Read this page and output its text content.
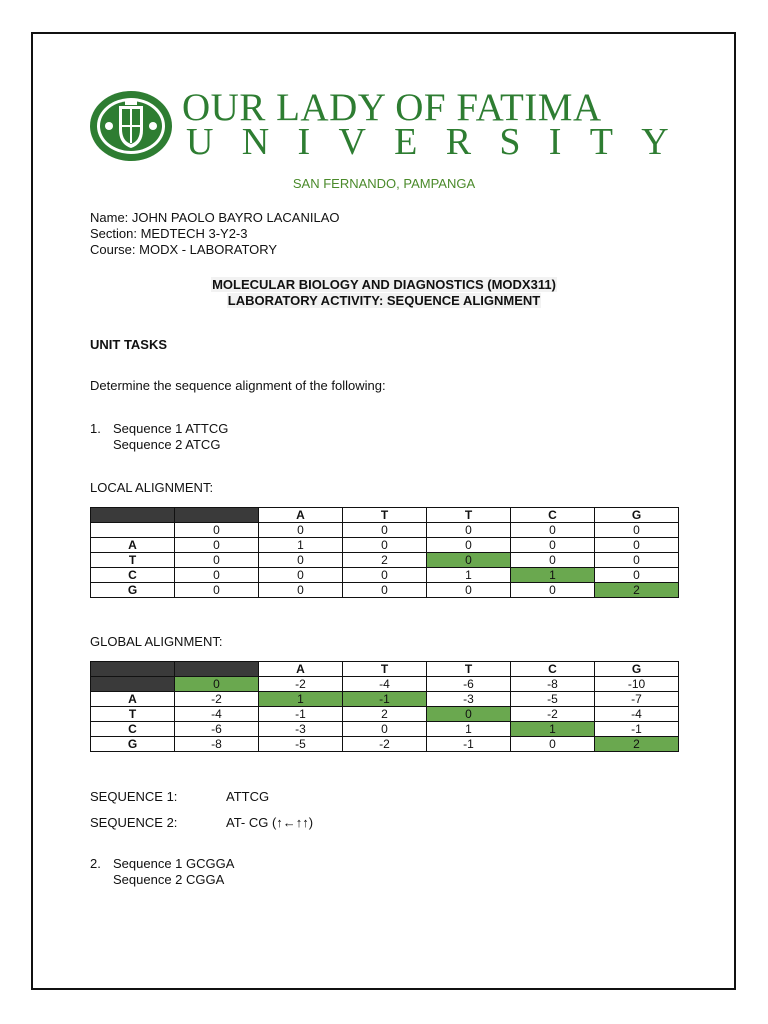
OUR LADY OF FATIMA
UNIVERSITY
SAN FERNANDO, PAMPANGA
Name: JOHN PAOLO BAYRO LACANILAO
Section: MEDTECH 3-Y2-3
Course: MODX - LABORATORY
MOLECULAR BIOLOGY AND DIAGNOSTICS (MODX311)
LABORATORY ACTIVITY: SEQUENCE ALIGNMENT
UNIT TASKS
Determine the sequence alignment of the following:
1. Sequence 1 ATTCG
Sequence 2 ATCG
LOCAL ALIGNMENT:
		A	T	T	C	G
	0	0	0	0	0	0
A	0	1	0	0	0	0
T	0	0	2	0	0	0
C	0	0	0	1	1	0
G	0	0	0	0	0	2
GLOBAL ALIGNMENT:
		A	T	T	C	G
	0	-2	-4	-6	-8	-10
A	-2	1	-1	-3	-5	-7
T	-4	-1	2	0	-2	-4
C	-6	-3	0	1	1	-1
G	-8	-5	-2	-1	0	2
SEQUENCE 1:	ATTCG
SEQUENCE 2:	AT- CG (↑←↑↑)
2. Sequence 1 GCGGA
Sequence 2 CGGA
